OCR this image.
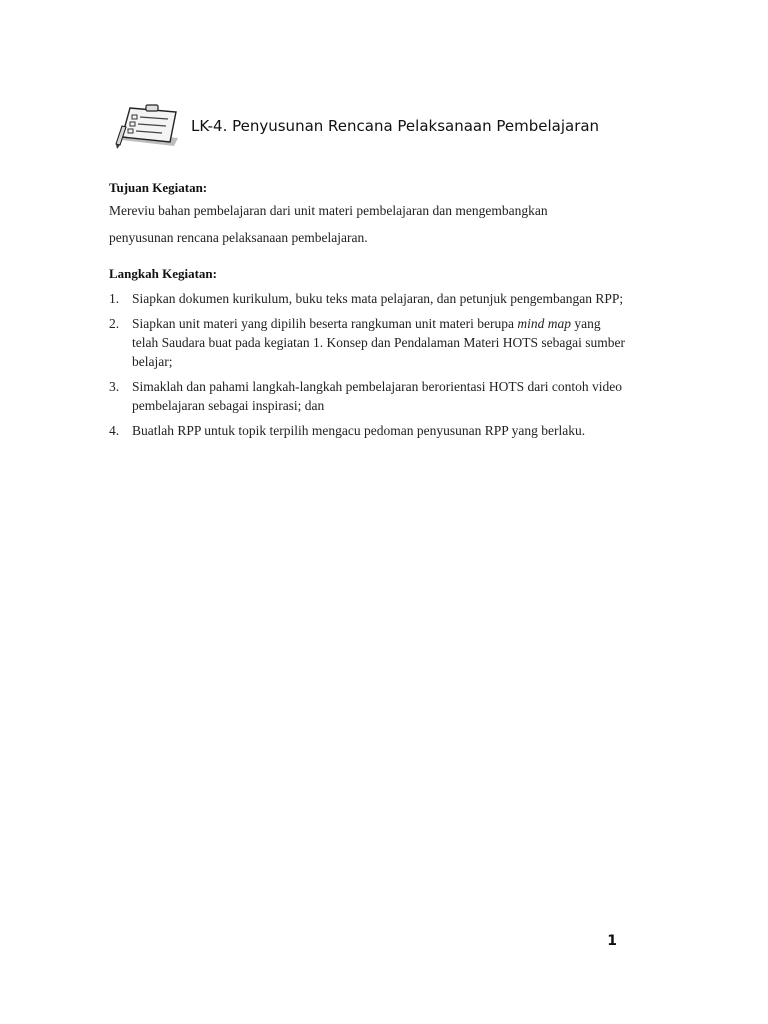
LK-4. Penyusunan Rencana Pelaksanaan Pembelajaran
Tujuan Kegiatan:
Mereviu bahan pembelajaran dari unit materi pembelajaran dan mengembangkan
penyusunan rencana pelaksanaan pembelajaran.
Langkah Kegiatan:
1. Siapkan dokumen kurikulum, buku teks mata pelajaran, dan petunjuk pengembangan RPP;
2. Siapkan unit materi yang dipilih beserta rangkuman unit materi berupa mind map yang telah Saudara buat pada kegiatan 1. Konsep dan Pendalaman Materi HOTS sebagai sumber belajar;
3. Simaklah dan pahami langkah-langkah pembelajaran berorientasi HOTS dari contoh video pembelajaran sebagai inspirasi; dan
4. Buatlah RPP untuk topik terpilih mengacu pedoman penyusunan RPP yang berlaku.
1
